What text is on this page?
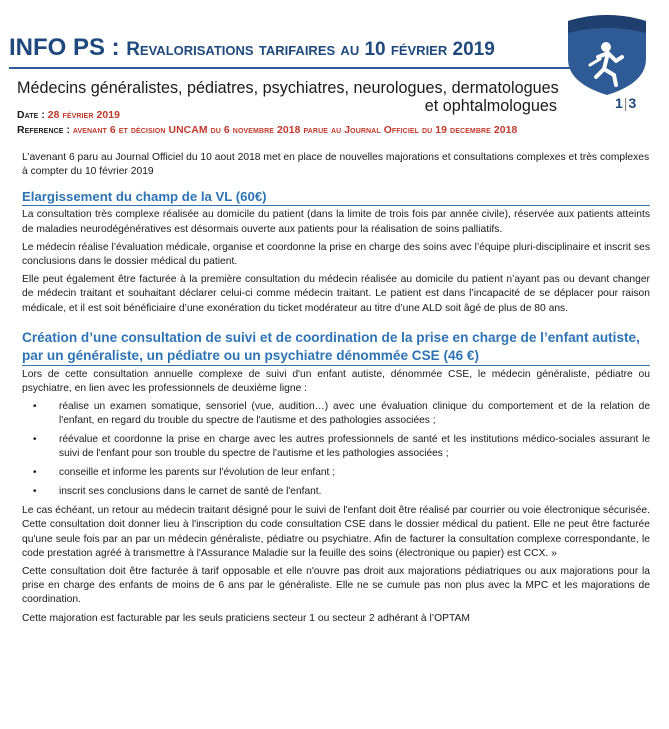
INFO PS : Revalorisations tarifaires au 10 février 2019
1|3
Médecins généralistes, pédiatres, psychiatres, neurologues, dermatologues
et ophtalmologues
Date : 28 février 2019
Reference : avenant 6 et décision UNCAM du 6 novembre 2018 parue au Journal Officiel du 19 decembre 2018

L’avenant 6 paru au Journal Officiel du 10 aout 2018 met en place de nouvelles majorations et consultations complexes et très complexes à compter du 10 février 2019

Elargissement du champ de la VL (60€)

La consultation très complexe réalisée au domicile du patient (dans la limite de trois fois par année civile), réservée aux patients atteints de maladies neurodégénératives est désormais ouverte aux patients pour la réalisation de soins palliatifs.

Le médecin réalise l’évaluation médicale, organise et coordonne la prise en charge des soins avec l’équipe pluri-disciplinaire et inscrit ses conclusions dans le dossier médical du patient.

Elle peut également être facturée à la première consultation du médecin réalisée au domicile du patient n’ayant pas ou devant changer de médecin traitant et souhaitant déclarer celui-ci comme médecin traitant. Le patient est dans l’incapacité de se déplacer pour raison médicale, et il est soit bénéficiaire d’une exonération du ticket modérateur au titre d’une ALD soit âgé de plus de 80 ans.

Création d’une consultation de suivi et de coordination de la prise en charge de l’enfant autiste, par un généraliste, un pédiatre ou un psychiatre dénommée CSE (46 €)

Lors de cette consultation annuelle complexe de suivi d'un enfant autiste, dénommée CSE, le médecin généraliste, pédiatre ou psychiatre, en lien avec les professionnels de deuxième ligne :

• réalise un examen somatique, sensoriel (vue, audition…) avec une évaluation clinique du comportement et de la relation de l'enfant, en regard du trouble du spectre de l'autisme et des pathologies associées ;
• réévalue et coordonne la prise en charge avec les autres professionnels de santé et les institutions médico-sociales assurant le suivi de l'enfant pour son trouble du spectre de l'autisme et les pathologies associées ;
• conseille et informe les parents sur l'évolution de leur enfant ;
• inscrit ses conclusions dans le carnet de santé de l'enfant.

Le cas échéant, un retour au médecin traitant désigné pour le suivi de l'enfant doit être réalisé par courrier ou voie électronique sécurisée. Cette consultation doit donner lieu à l'inscription du code consultation CSE dans le dossier médical du patient. Elle ne peut être facturée qu'une seule fois par an par un médecin généraliste, pédiatre ou psychiatre. Afin de facturer la consultation complexe correspondante, le code prestation agréé à transmettre à l'Assurance Maladie sur la feuille des soins (électronique ou papier) est CCX. »

Cette consultation doit être facturée à tarif opposable et elle n'ouvre pas droit aux majorations pédiatriques ou aux majorations pour la prise en charge des enfants de moins de 6 ans par le généraliste. Elle ne se cumule pas non plus avec la MPC et les majorations de coordination.

Cette majoration est facturable par les seuls praticiens secteur 1 ou secteur 2 adhérant à l’OPTAM
